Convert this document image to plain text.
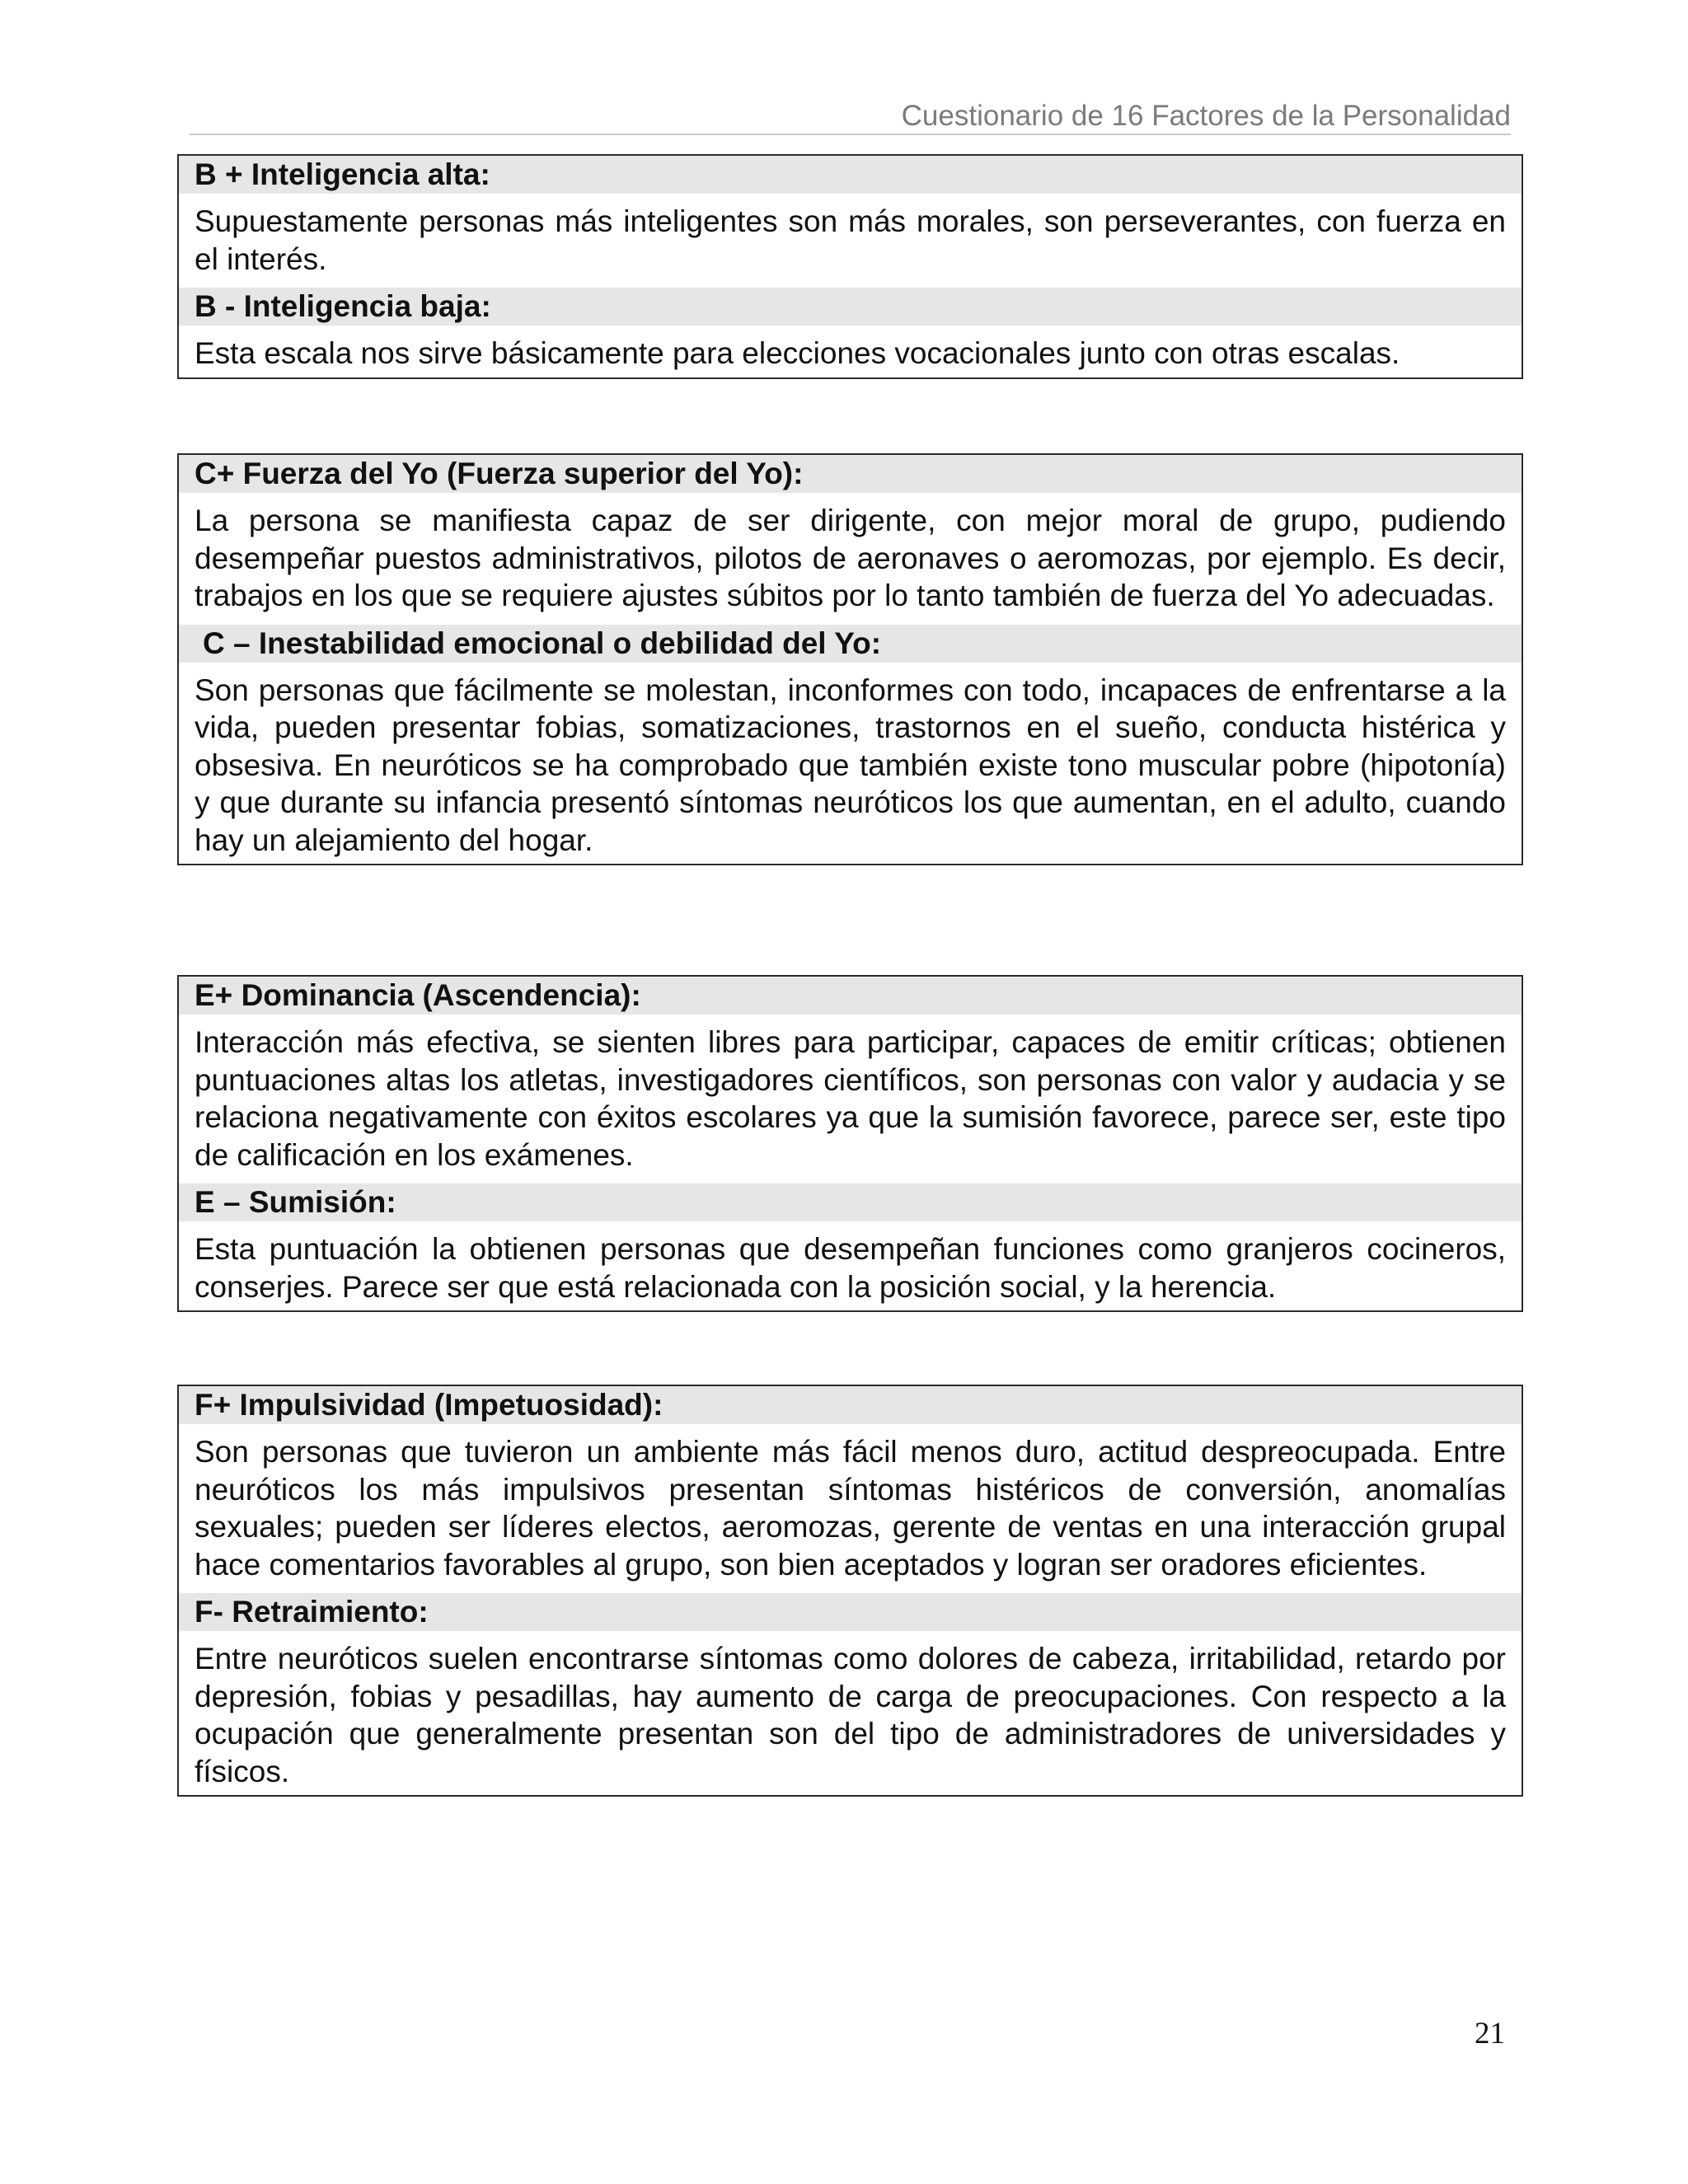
Cuestionario de 16 Factores de la Personalidad
B + Inteligencia alta:
Supuestamente personas más inteligentes son más morales, son perseverantes, con fuerza en el interés.
B - Inteligencia baja:
Esta escala nos sirve básicamente para elecciones vocacionales junto con otras escalas.
C+ Fuerza del Yo (Fuerza superior del Yo):
La persona se manifiesta capaz de ser dirigente, con mejor moral de grupo, pudiendo desempeñar puestos administrativos, pilotos de aeronaves o aeromozas, por ejemplo. Es decir, trabajos en los que se requiere ajustes súbitos por lo tanto también de fuerza del Yo adecuadas.
C – Inestabilidad emocional o debilidad del Yo:
Son personas que fácilmente se molestan, inconformes con todo, incapaces de enfrentarse a la vida, pueden presentar fobias, somatizaciones, trastornos en el sueño, conducta histérica y obsesiva. En neuróticos se ha comprobado que también existe tono muscular pobre (hipotonía) y que durante su infancia presentó síntomas neuróticos los que aumentan, en el adulto, cuando hay un alejamiento del hogar.
E+ Dominancia (Ascendencia):
Interacción más efectiva, se sienten libres para participar, capaces de emitir críticas; obtienen puntuaciones altas los atletas, investigadores científicos, son personas con valor y audacia y se relaciona negativamente con éxitos escolares ya que la sumisión favorece, parece ser, este tipo de calificación en los exámenes.
E – Sumisión:
Esta puntuación la obtienen personas que desempeñan funciones como granjeros cocineros, conserjes. Parece ser que está relacionada con la posición social, y la herencia.
F+ Impulsividad (Impetuosidad):
Son personas que tuvieron un ambiente más fácil menos duro, actitud despreocupada. Entre neuróticos los más impulsivos presentan síntomas histéricos de conversión, anomalías sexuales; pueden ser líderes electos, aeromozas, gerente de ventas en una interacción grupal hace comentarios favorables al grupo, son bien aceptados y logran ser oradores eficientes.
F- Retraimiento:
Entre neuróticos suelen encontrarse síntomas como dolores de cabeza, irritabilidad, retardo por depresión, fobias y pesadillas, hay aumento de carga de preocupaciones. Con respecto a la ocupación que generalmente presentan son del tipo de administradores de universidades y físicos.
21
